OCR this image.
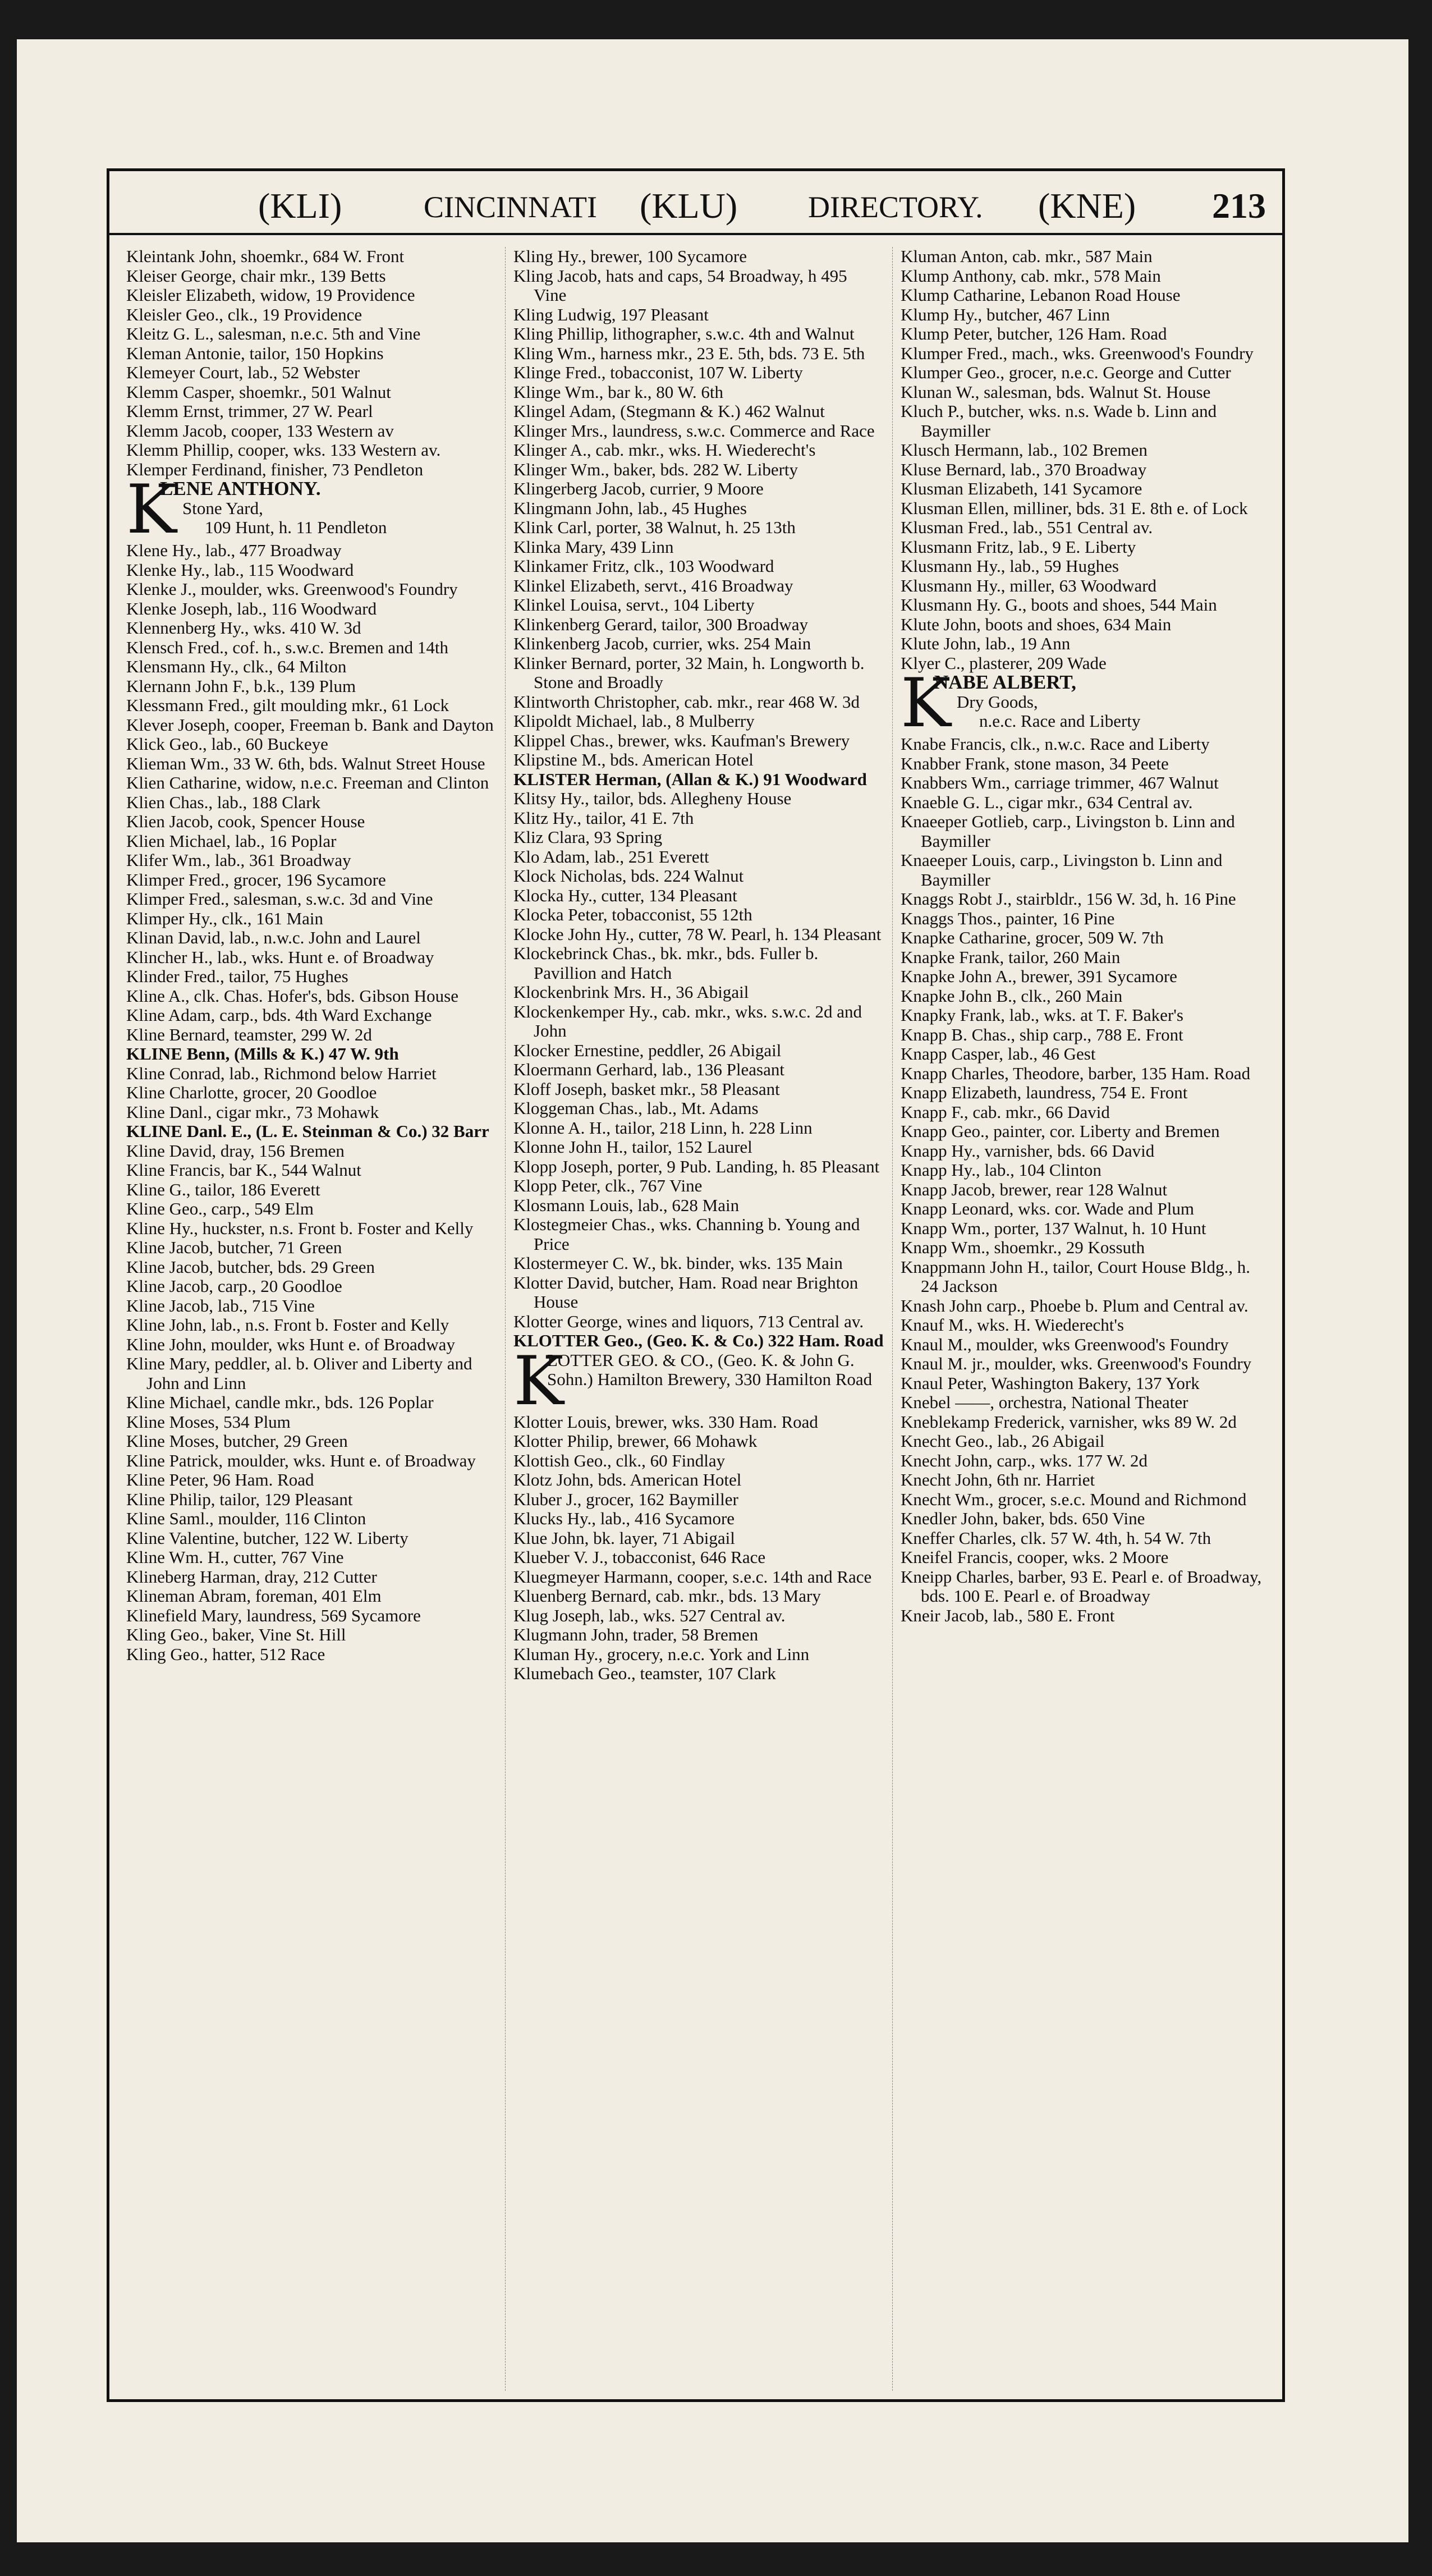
(KLI)	CINCINNATI (KLU) DIRECTORY. (KNE) 213

Kleintank John, shoemkr., 684 W. Front

Kleiser George, chair mkr., 139 Betts

Kleisler Elizabeth, widow, 19 Providence

Kleisler Geo., clk., 19 Providence

Kleitz G. L., salesman, n.e.c. 5th and Vine

Kleman Antonie, tailor, 150 Hopkins

Klemeyer Court, lab., 52 Webster

Klemm Casper, shoemkr., 501 Walnut

Klemm Ernst, trimmer, 27 W. Pearl

Klemm Jacob, cooper, 133 Western av

Klemm Phillip, cooper, wks. 133 Western av.

Klemper Ferdinand, finisher, 73 Pendleton

K
LENE ANTHONY.
Stone Yard,
109 Hunt, h. 11 Pendleton

Klene Hy., lab., 477 Broadway

Klenke Hy., lab., 115 Woodward

Klenke J., moulder, wks. Greenwood's Foundry

Klenke Joseph, lab., 116 Woodward

Klennenberg Hy., wks. 410 W. 3d

Klensch Fred., cof. h., s.w.c. Bremen and 14th

Klensmann Hy., clk., 64 Milton

Klernann John F., b.k., 139 Plum

Klessmann Fred., gilt moulding mkr., 61 Lock

Klever Joseph, cooper, Freeman b. Bank and Dayton

Klick Geo., lab., 60 Buckeye

Klieman Wm., 33 W. 6th, bds. Walnut Street House

Klien Catharine, widow, n.e.c. Freeman and Clinton

Klien Chas., lab., 188 Clark

Klien Jacob, cook, Spencer House

Klien Michael, lab., 16 Poplar

Klifer Wm., lab., 361 Broadway

Klimper Fred., grocer, 196 Sycamore

Klimper Fred., salesman, s.w.c. 3d and Vine

Klimper Hy., clk., 161 Main

Klinan David, lab., n.w.c. John and Laurel

Klincher H., lab., wks. Hunt e. of Broadway

Klinder Fred., tailor, 75 Hughes

Kline A., clk. Chas. Hofer's, bds. Gibson House

Kline Adam, carp., bds. 4th Ward Exchange

Kline Bernard, teamster, 299 W. 2d

KLINE Benn, (Mills & K.) 47 W. 9th

Kline Conrad, lab., Richmond below Harriet

Kline Charlotte, grocer, 20 Goodloe

Kline Danl., cigar mkr., 73 Mohawk

KLINE Danl. E., (L. E. Steinman & Co.) 32 Barr

Kline David, dray, 156 Bremen

Kline Francis, bar K., 544 Walnut

Kline G., tailor, 186 Everett

Kline Geo., carp., 549 Elm

Kline Hy., huckster, n.s. Front b. Foster and Kelly

Kline Jacob, butcher, 71 Green

Kline Jacob, butcher, bds. 29 Green

Kline Jacob, carp., 20 Goodloe

Kline Jacob, lab., 715 Vine

Kline John, lab., n.s. Front b. Foster and Kelly

Kline John, moulder, wks Hunt e. of Broadway

Kline Mary, peddler, al. b. Oliver and Liberty and John and Linn

Kline Michael, candle mkr., bds. 126 Poplar

Kline Moses, 534 Plum

Kline Moses, butcher, 29 Green

Kline Patrick, moulder, wks. Hunt e. of Broadway

Kline Peter, 96 Ham. Road

Kline Philip, tailor, 129 Pleasant

Kline Saml., moulder, 116 Clinton

Kline Valentine, butcher, 122 W. Liberty

Kline Wm. H., cutter, 767 Vine

Klineberg Harman, dray, 212 Cutter

Klineman Abram, foreman, 401 Elm

Klinefield Mary, laundress, 569 Sycamore

Kling Geo., baker, Vine St. Hill

Kling Geo., hatter, 512 Race

Kling Hy., brewer, 100 Sycamore

Kling Jacob, hats and caps, 54 Broadway, h 495 Vine

Kling Ludwig, 197 Pleasant

Kling Phillip, lithographer, s.w.c. 4th and Walnut

Kling Wm., harness mkr., 23 E. 5th, bds. 73 E. 5th

Klinge Fred., tobacconist, 107 W. Liberty

Klinge Wm., bar k., 80 W. 6th

Klingel Adam, (Stegmann & K.) 462 Walnut

Klinger Mrs., laundress, s.w.c. Commerce and Race

Klinger A., cab. mkr., wks. H. Wiederecht's

Klinger Wm., baker, bds. 282 W. Liberty

Klingerberg Jacob, currier, 9 Moore

Klingmann John, lab., 45 Hughes

Klink Carl, porter, 38 Walnut, h. 25 13th

Klinka Mary, 439 Linn

Klinkamer Fritz, clk., 103 Woodward

Klinkel Elizabeth, servt., 416 Broadway

Klinkel Louisa, servt., 104 Liberty

Klinkenberg Gerard, tailor, 300 Broadway

Klinkenberg Jacob, currier, wks. 254 Main

Klinker Bernard, porter, 32 Main, h. Longworth b. Stone and Broadly

Klintworth Christopher, cab. mkr., rear 468 W. 3d

Klipoldt Michael, lab., 8 Mulberry

Klippel Chas., brewer, wks. Kaufman's Brewery

Klipstine M., bds. American Hotel

KLISTER Herman, (Allan & K.) 91 Woodward

Klitsy Hy., tailor, bds. Allegheny House

Klitz Hy., tailor, 41 E. 7th

Kliz Clara, 93 Spring

Klo Adam, lab., 251 Everett

Klock Nicholas, bds. 224 Walnut

Klocka Hy., cutter, 134 Pleasant

Klocka Peter, tobacconist, 55 12th

Klocke John Hy., cutter, 78 W. Pearl, h. 134 Pleasant

Klockebrinck Chas., bk. mkr., bds. Fuller b. Pavillion and Hatch

Klockenbrink Mrs. H., 36 Abigail

Klockenkemper Hy., cab. mkr., wks. s.w.c. 2d and John

Klocker Ernestine, peddler, 26 Abigail

Kloermann Gerhard, lab., 136 Pleasant

Kloff Joseph, basket mkr., 58 Pleasant

Kloggeman Chas., lab., Mt. Adams

Klonne A. H., tailor, 218 Linn, h. 228 Linn

Klonne John H., tailor, 152 Laurel

Klopp Joseph, porter, 9 Pub. Landing, h. 85 Pleasant

Klopp Peter, clk., 767 Vine

Klosmann Louis, lab., 628 Main

Klostegmeier Chas., wks. Channing b. Young and Price

Klostermeyer C. W., bk. binder, wks. 135 Main

Klotter David, butcher, Ham. Road near Brighton House

Klotter George, wines and liquors, 713 Central av.

KLOTTER Geo., (Geo. K. & Co.) 322 Ham. Road

K
LOTTER GEO. & CO., (Geo. K. & John G. Sohn.) Hamilton Brewery, 330 Hamilton Road

Klotter Louis, brewer, wks. 330 Ham. Road

Klotter Philip, brewer, 66 Mohawk

Klottish Geo., clk., 60 Findlay

Klotz John, bds. American Hotel

Kluber J., grocer, 162 Baymiller

Klucks Hy., lab., 416 Sycamore

Klue John, bk. layer, 71 Abigail

Klueber V. J., tobacconist, 646 Race

Kluegmeyer Harmann, cooper, s.e.c. 14th and Race

Kluenberg Bernard, cab. mkr., bds. 13 Mary

Klug Joseph, lab., wks. 527 Central av.

Klugmann John, trader, 58 Bremen

Kluman Hy., grocery, n.e.c. York and Linn

Klumebach Geo., teamster, 107 Clark

Kluman Anton, cab. mkr., 587 Main

Klump Anthony, cab. mkr., 578 Main

Klump Catharine, Lebanon Road House

Klump Hy., butcher, 467 Linn

Klump Peter, butcher, 126 Ham. Road

Klumper Fred., mach., wks. Greenwood's Foundry

Klumper Geo., grocer, n.e.c. George and Cutter

Klunan W., salesman, bds. Walnut St. House

Kluch P., butcher, wks. n.s. Wade b. Linn and Baymiller

Klusch Hermann, lab., 102 Bremen

Kluse Bernard, lab., 370 Broadway

Klusman Elizabeth, 141 Sycamore

Klusman Ellen, milliner, bds. 31 E. 8th e. of Lock

Klusman Fred., lab., 551 Central av.

Klusmann Fritz, lab., 9 E. Liberty

Klusmann Hy., lab., 59 Hughes

Klusmann Hy., miller, 63 Woodward

Klusmann Hy. G., boots and shoes, 544 Main

Klute John, boots and shoes, 634 Main

Klute John, lab., 19 Ann

Klyer C., plasterer, 209 Wade

K
NABE ALBERT,
Dry Goods,
n.e.c. Race and Liberty

Knabe Francis, clk., n.w.c. Race and Liberty

Knabber Frank, stone mason, 34 Peete

Knabbers Wm., carriage trimmer, 467 Walnut

Knaeble G. L., cigar mkr., 634 Central av.

Knaeeper Gotlieb, carp., Livingston b. Linn and Baymiller

Knaeeper Louis, carp., Livingston b. Linn and Baymiller

Knaggs Robt J., stairbldr., 156 W. 3d, h. 16 Pine

Knaggs Thos., painter, 16 Pine

Knapke Catharine, grocer, 509 W. 7th

Knapke Frank, tailor, 260 Main

Knapke John A., brewer, 391 Sycamore

Knapke John B., clk., 260 Main

Knapky Frank, lab., wks. at T. F. Baker's

Knapp B. Chas., ship carp., 788 E. Front

Knapp Casper, lab., 46 Gest

Knapp Charles, Theodore, barber, 135 Ham. Road

Knapp Elizabeth, laundress, 754 E. Front

Knapp F., cab. mkr., 66 David

Knapp Geo., painter, cor. Liberty and Bremen

Knapp Hy., varnisher, bds. 66 David

Knapp Hy., lab., 104 Clinton

Knapp Jacob, brewer, rear 128 Walnut

Knapp Leonard, wks. cor. Wade and Plum

Knapp Wm., porter, 137 Walnut, h. 10 Hunt

Knapp Wm., shoemkr., 29 Kossuth

Knappmann John H., tailor, Court House Bldg., h. 24 Jackson

Knash John carp., Phoebe b. Plum and Central av.

Knauf M., wks. H. Wiederecht's

Knaul M., moulder, wks Greenwood's Foundry

Knaul M. jr., moulder, wks. Greenwood's Foundry

Knaul Peter, Washington Bakery, 137 York

Knebel ——, orchestra, National Theater

Kneblekamp Frederick, varnisher, wks 89 W. 2d

Knecht Geo., lab., 26 Abigail

Knecht John, carp., wks. 177 W. 2d

Knecht John, 6th nr. Harriet

Knecht Wm., grocer, s.e.c. Mound and Richmond

Knedler John, baker, bds. 650 Vine

Kneffer Charles, clk. 57 W. 4th, h. 54 W. 7th

Kneifel Francis, cooper, wks. 2 Moore

Kneipp Charles, barber, 93 E. Pearl e. of Broadway, bds. 100 E. Pearl e. of Broadway

Kneir Jacob, lab., 580 E. Front
